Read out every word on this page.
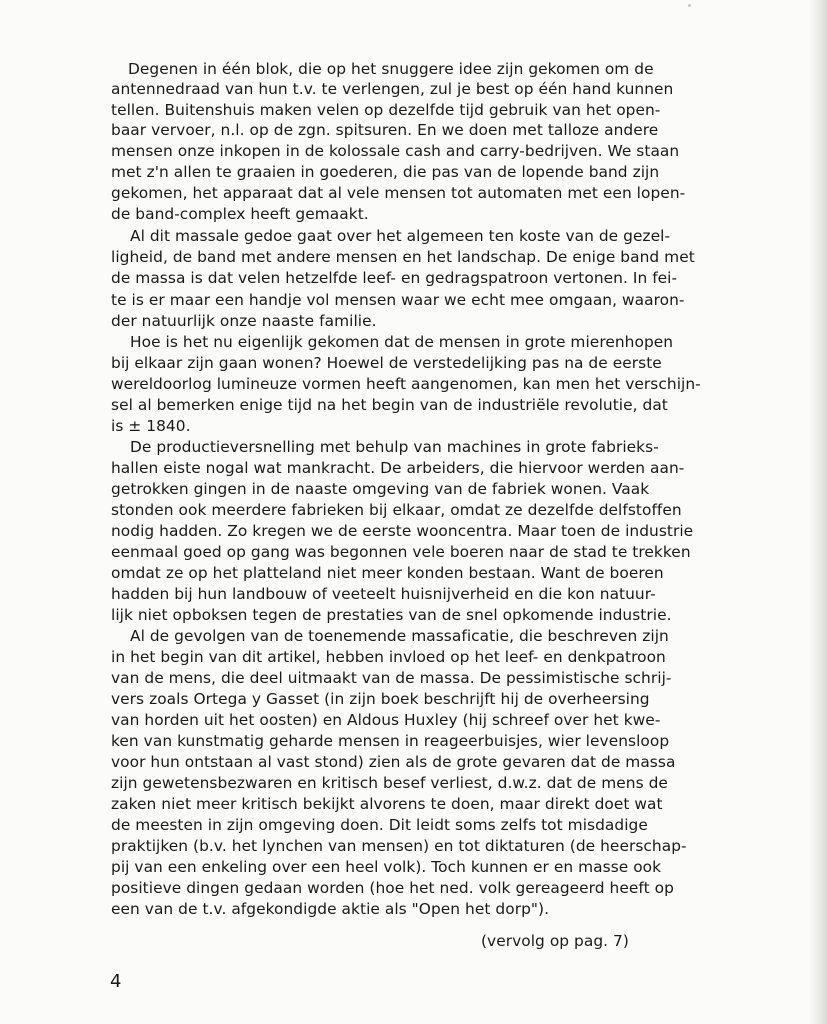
Degenen in één blok, die op het snuggere idee zijn gekomen om de
antennedraad van hun t.v. te verlengen, zul je best op één hand kunnen
tellen. Buitenshuis maken velen op dezelfde tijd gebruik van het open-
baar vervoer, n.l. op de zgn. spitsuren. En we doen met talloze andere
mensen onze inkopen in de kolossale cash and carry-bedrijven. We staan
met z'n allen te graaien in goederen, die pas van de lopende band zijn
gekomen, het apparaat dat al vele mensen tot automaten met een lopen-
de band-complex heeft gemaakt.
Al dit massale gedoe gaat over het algemeen ten koste van de gezel-
ligheid, de band met andere mensen en het landschap. De enige band met
de massa is dat velen hetzelfde leef- en gedragspatroon vertonen. In fei-
te is er maar een handje vol mensen waar we echt mee omgaan, waaron-
der natuurlijk onze naaste familie.
Hoe is het nu eigenlijk gekomen dat de mensen in grote mierenhopen
bij elkaar zijn gaan wonen? Hoewel de verstedelijking pas na de eerste
wereldoorlog lumineuze vormen heeft aangenomen, kan men het verschijn-
sel al bemerken enige tijd na het begin van de industriële revolutie, dat
is ± 1840.
De productieversnelling met behulp van machines in grote fabrieks-
hallen eiste nogal wat mankracht. De arbeiders, die hiervoor werden aan-
getrokken gingen in de naaste omgeving van de fabriek wonen. Vaak
stonden ook meerdere fabrieken bij elkaar, omdat ze dezelfde delfstoffen
nodig hadden. Zo kregen we de eerste wooncentra. Maar toen de industrie
eenmaal goed op gang was begonnen vele boeren naar de stad te trekken
omdat ze op het platteland niet meer konden bestaan. Want de boeren
hadden bij hun landbouw of veeteelt huisnijverheid en die kon natuur-
lijk niet opboksen tegen de prestaties van de snel opkomende industrie.
Al de gevolgen van de toenemende massaficatie, die beschreven zijn
in het begin van dit artikel, hebben invloed op het leef- en denkpatroon
van de mens, die deel uitmaakt van de massa. De pessimistische schrij-
vers zoals Ortega y Gasset (in zijn boek beschrijft hij de overheersing
van horden uit het oosten) en Aldous Huxley (hij schreef over het kwe-
ken van kunstmatig geharde mensen in reageerbuisjes, wier levensloop
voor hun ontstaan al vast stond) zien als de grote gevaren dat de massa
zijn gewetensbezwaren en kritisch besef verliest, d.w.z. dat de mens de
zaken niet meer kritisch bekijkt alvorens te doen, maar direkt doet wat
de meesten in zijn omgeving doen. Dit leidt soms zelfs tot misdadige
praktijken (b.v. het lynchen van mensen) en tot diktaturen (de heerschap-
pij van een enkeling over een heel volk). Toch kunnen er en masse ook
positieve dingen gedaan worden (hoe het ned. volk gereageerd heeft op
een van de t.v. afgekondigde aktie als "Open het dorp").
(vervolg op pag. 7)
4
